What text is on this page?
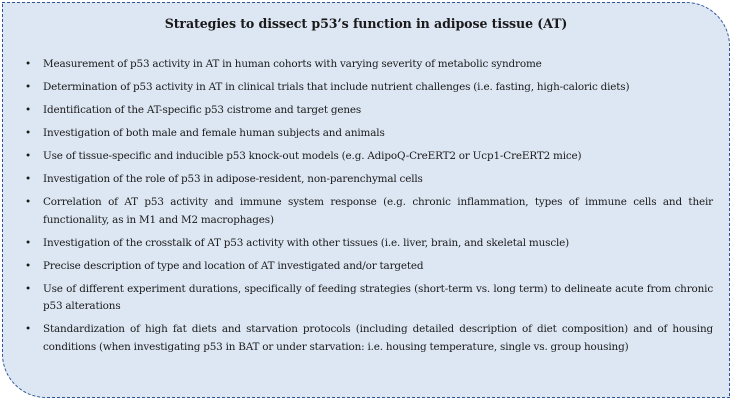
Strategies to dissect p53’s function in adipose tissue (AT)
• Measurement of p53 activity in AT in human cohorts with varying severity of metabolic syndrome
• Determination of p53 activity in AT in clinical trials that include nutrient challenges (i.e. fasting, high-caloric diets)
• Identification of the AT-specific p53 cistrome and target genes
• Investigation of both male and female human subjects and animals
• Use of tissue-specific and inducible p53 knock-out models (e.g. AdipoQ-CreERT2 or Ucp1-CreERT2 mice)
• Investigation of the role of p53 in adipose-resident, non-parenchymal cells
• Correlation of AT p53 activity and immune system response (e.g. chronic inflammation, types of immune cells and their functionality, as in M1 and M2 macrophages)
• Investigation of the crosstalk of AT p53 activity with other tissues (i.e. liver, brain, and skeletal muscle)
• Precise description of type and location of AT investigated and/or targeted
• Use of different experiment durations, specifically of feeding strategies (short-term vs. long term) to delineate acute from chronic p53 alterations
• Standardization of high fat diets and starvation protocols (including detailed description of diet composition) and of housing conditions (when investigating p53 in BAT or under starvation: i.e. housing temperature, single vs. group housing)
